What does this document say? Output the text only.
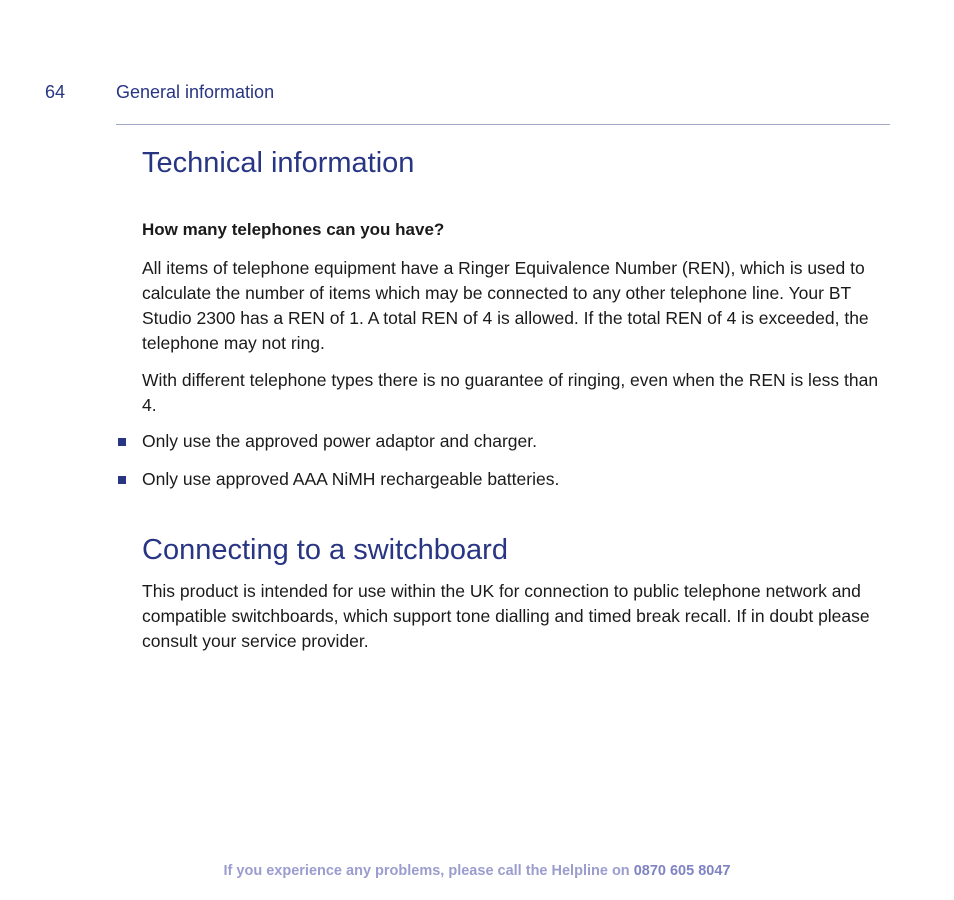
64	General information
Technical information
How many telephones can you have?

All items of telephone equipment have a Ringer Equivalence Number (REN), which is used to calculate the number of items which may be connected to any other telephone line. Your BT Studio 2300 has a REN of 1. A total REN of 4 is allowed. If the total REN of 4 is exceeded, the telephone may not ring.

With different telephone types there is no guarantee of ringing, even when the REN is less than 4.

Only use the approved power adaptor and charger.
Only use approved AAA NiMH rechargeable batteries.
Connecting to a switchboard

This product is intended for use within the UK for connection to public telephone network and compatible switchboards, which support tone dialling and timed break recall. If in doubt please consult your service provider.

If you experience any problems, please call the Helpline on 0870 605 8047
